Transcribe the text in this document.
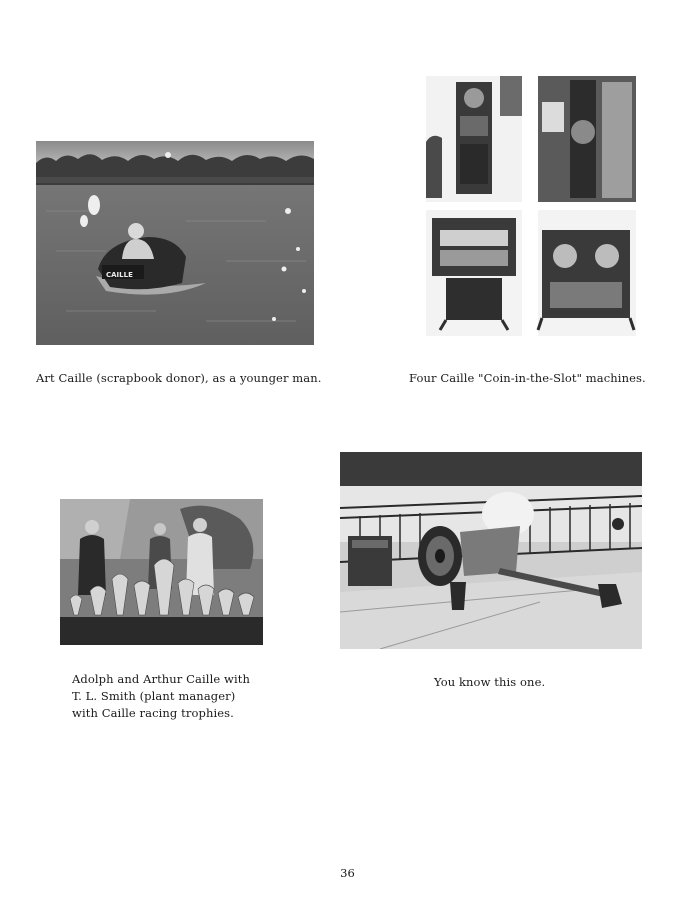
CAILLE
Art Caille (scrapbook donor), as a younger man.	Four Caille "Coin-in-the-Slot" machines.
Adolph and Arthur Caille with
T. L. Smith (plant manager)
with Caille racing trophies.
You know this one.
36
